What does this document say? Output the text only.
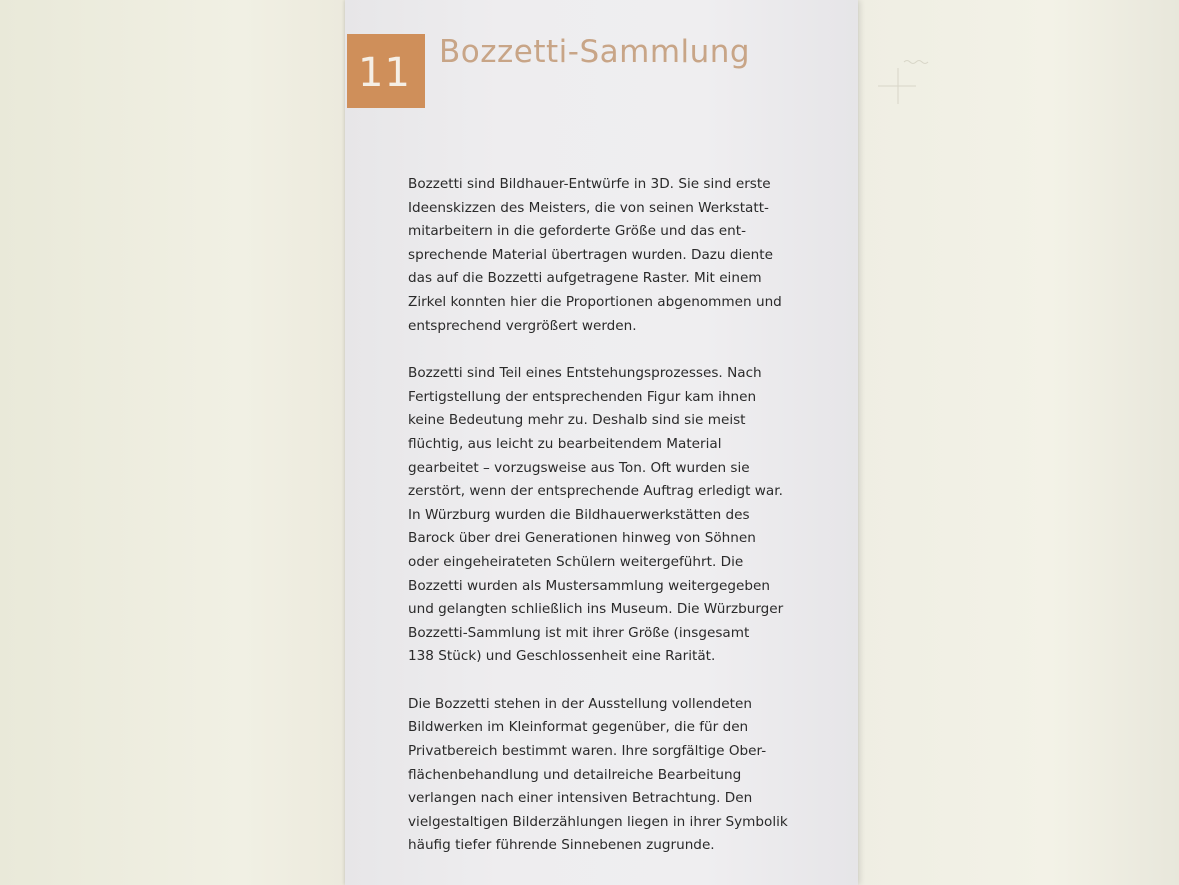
11 Bozzetti-Sammlung
Bozzetti sind Bildhauer-Entwürfe in 3D. Sie sind erste
Ideenskizzen des Meisters, die von seinen Werkstatt-
mitarbeitern in die geforderte Größe und das ent-
sprechende Material übertragen wurden. Dazu diente
das auf die Bozzetti aufgetragene Raster. Mit einem
Zirkel konnten hier die Proportionen abgenommen und
entsprechend vergrößert werden.
Bozzetti sind Teil eines Entstehungsprozesses. Nach
Fertigstellung der entsprechenden Figur kam ihnen
keine Bedeutung mehr zu. Deshalb sind sie meist
flüchtig, aus leicht zu bearbeitendem Material
gearbeitet – vorzugsweise aus Ton. Oft wurden sie
zerstört, wenn der entsprechende Auftrag erledigt war.
In Würzburg wurden die Bildhauerwerkstätten des
Barock über drei Generationen hinweg von Söhnen
oder eingeheirateten Schülern weitergeführt. Die
Bozzetti wurden als Mustersammlung weitergegeben
und gelangten schließlich ins Museum. Die Würzburger
Bozzetti-Sammlung ist mit ihrer Größe (insgesamt
138 Stück) und Geschlossenheit eine Rarität.
Die Bozzetti stehen in der Ausstellung vollendeten
Bildwerken im Kleinformat gegenüber, die für den
Privatbereich bestimmt waren. Ihre sorgfältige Ober-
flächenbehandlung und detailreiche Bearbeitung
verlangen nach einer intensiven Betrachtung. Den
vielgestaltigen Bilderzählungen liegen in ihrer Symbolik
häufig tiefer führende Sinnebenen zugrunde.
